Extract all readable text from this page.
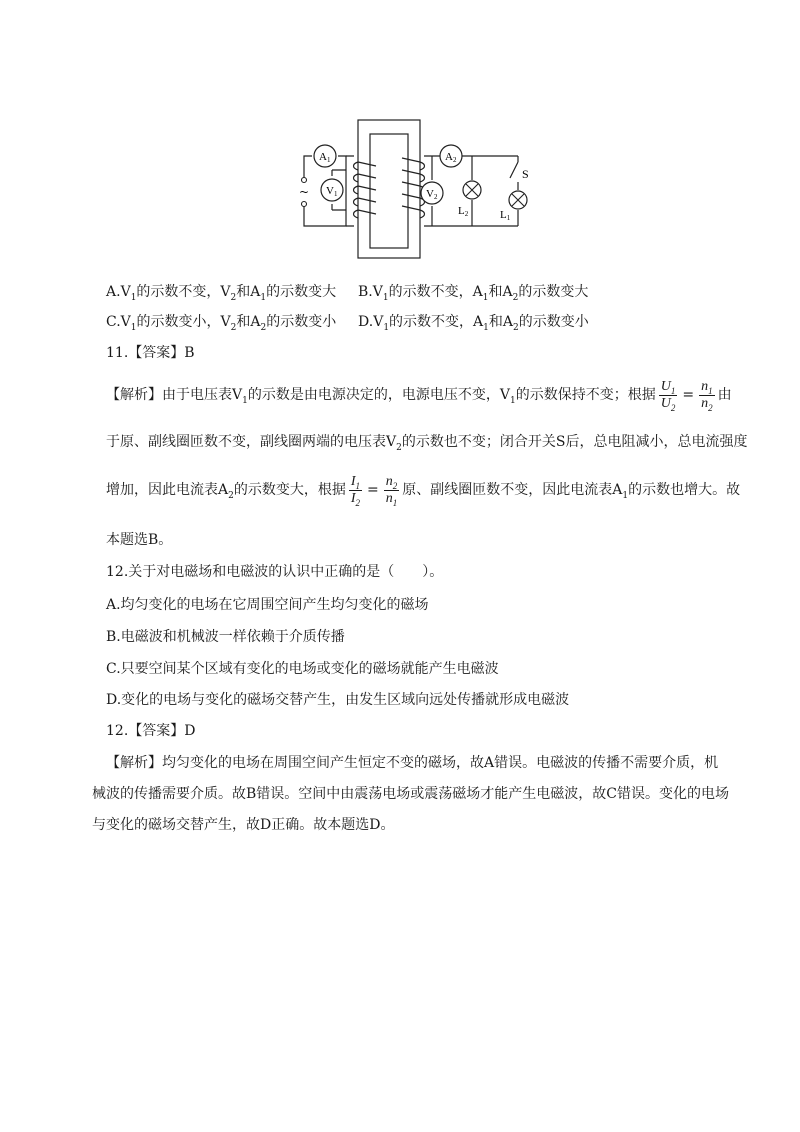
~
A1
V1
A2
V2
L2	L1
S
$A.V_1$的示数不变，$V_2$和$A_1$的示数变大 $B.V_1$的示数不变，$A_1$和$A_2$的示数变大
$C.V_1$的示数变小，$V_2$和$A_2$的示数变小 $D.V_1$的示数不变，$A_1$和$A_2$的示数变小
11.【答案】B
【解析】由于电压表$V_1$的示数是由电源决定的，电源电压不变，$V_1$的示数保持不变；根据 $\frac{U_1}{U_2} = \frac{n_1}{n_2}$ 由
于原、副线圈匝数不变，副线圈两端的电压表$V_2$的示数也不变；闭合开关S后，总电阻减小，总电流强度
增加，因此电流表$A_2$的示数变大，根据 $\frac{I_1}{I_2} = \frac{n_2}{n_1}$ 原、副线圈匝数不变，因此电流表$A_1$的示数也增大。故
本题选B。
12.关于对电磁场和电磁波的认识中正确的是（　　）。
A.均匀变化的电场在它周围空间产生均匀变化的磁场
B.电磁波和机械波一样依赖于介质传播
C.只要空间某个区域有变化的电场或变化的磁场就能产生电磁波
D.变化的电场与变化的磁场交替产生，由发生区域向远处传播就形成电磁波
12.【答案】D
【解析】均匀变化的电场在周围空间产生恒定不变的磁场，故A错误。电磁波的传播不需要介质，机
械波的传播需要介质。故B错误。空间中由震荡电场或震荡磁场才能产生电磁波，故C错误。变化的电场
与变化的磁场交替产生，故D正确。故本题选D。
